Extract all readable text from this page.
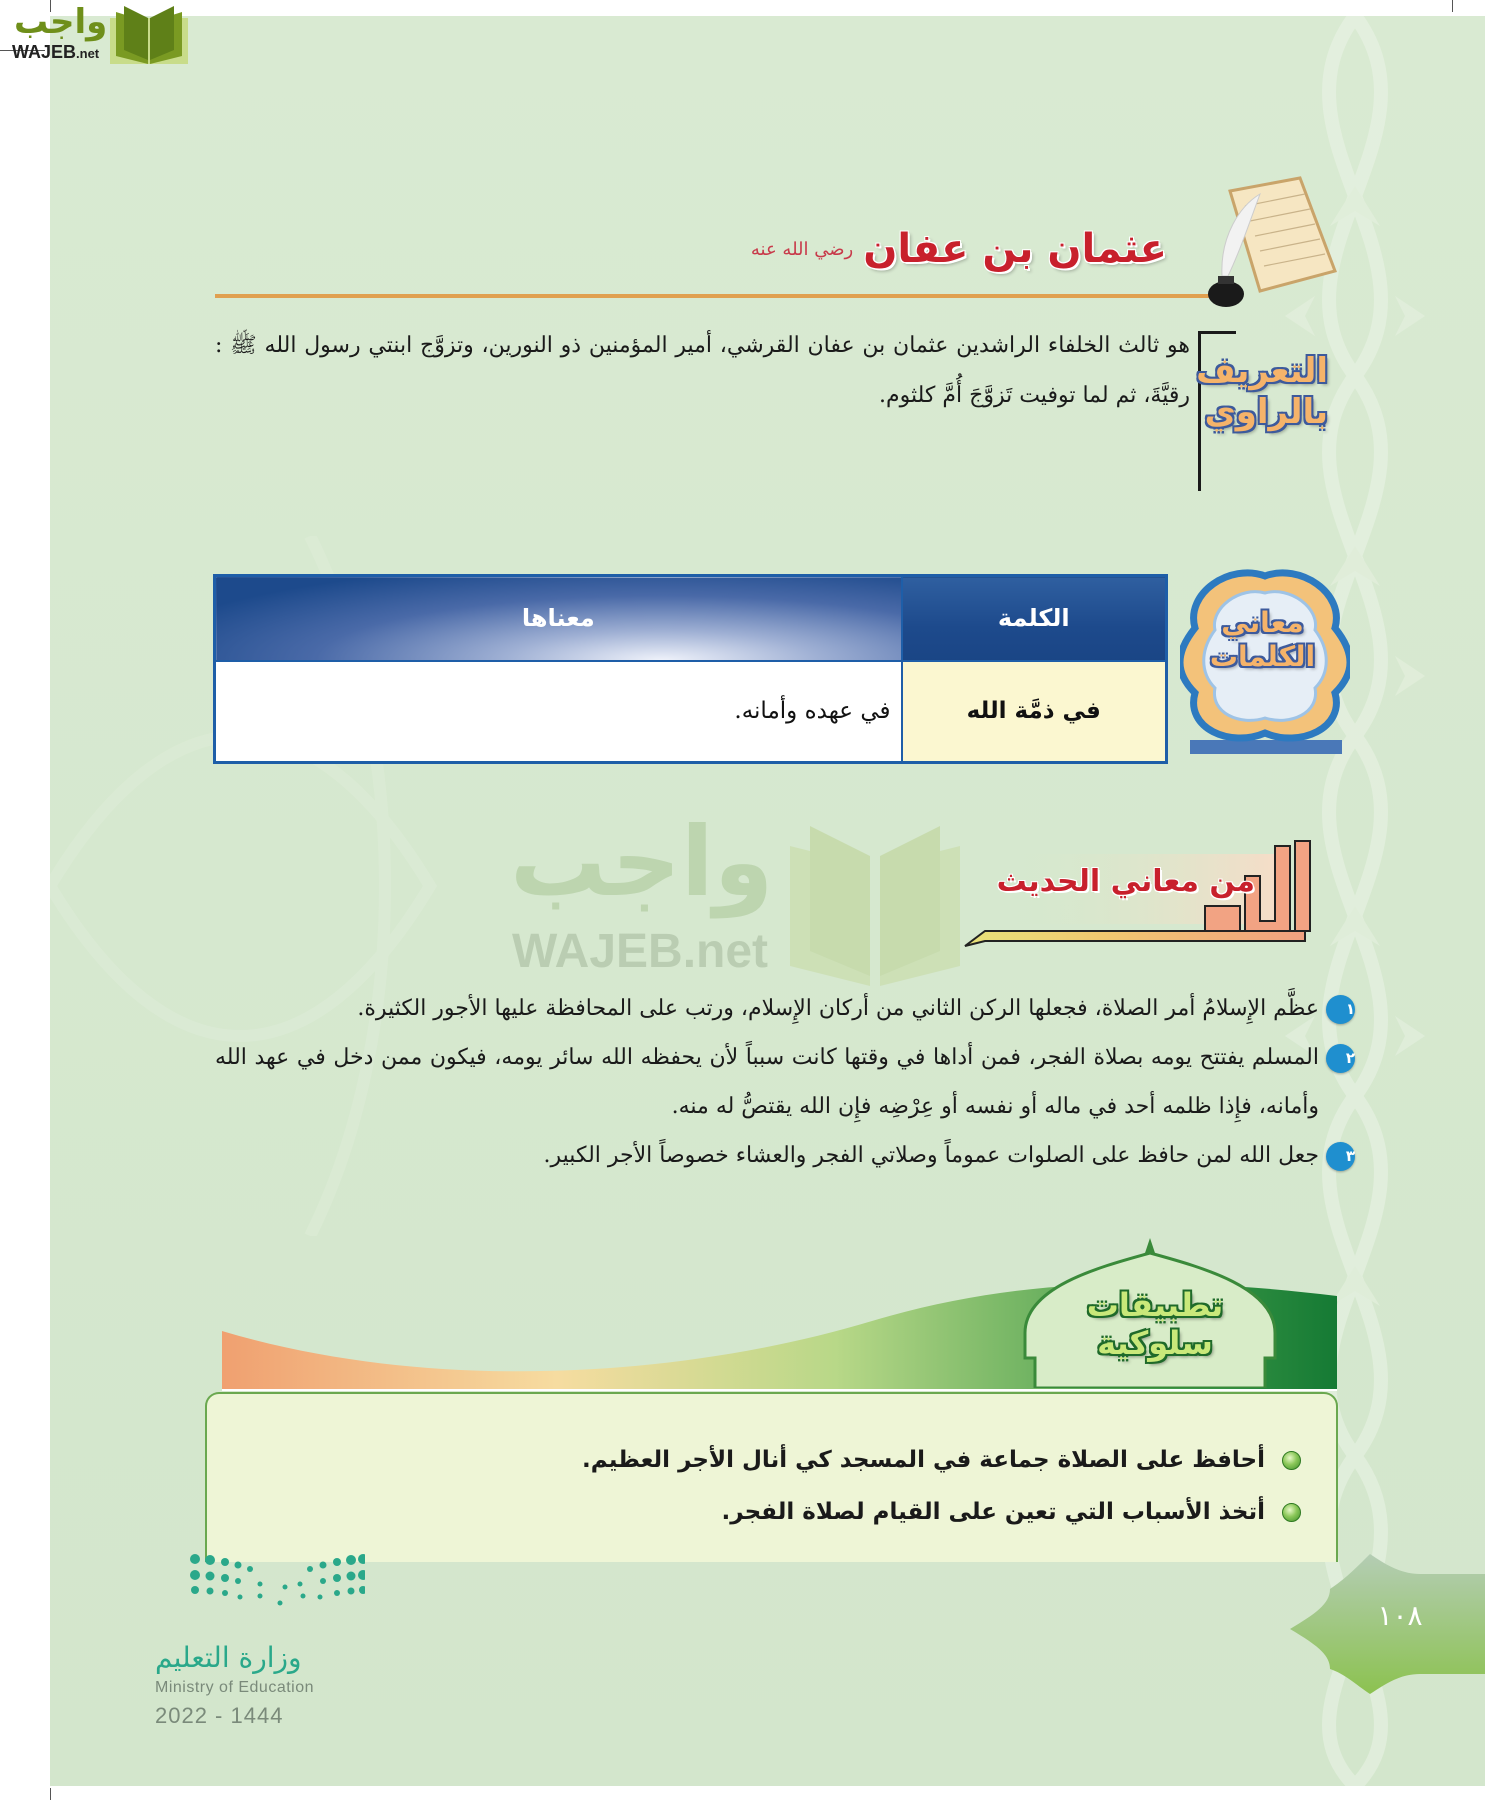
عثمان بن عفان
رضي الله عنه
التعريف
بالراوي
هو ثالث الخلفاء الراشدين عثمان بن عفان القرشي، أمير المؤمنين ذو النورين، وتزوَّج ابنتي رسول الله ﷺ : رقيَّةَ، ثم لما توفيت تَزوَّجَ أُمَّ كلثوم.
معاني
الكلمات
الكلمة	معناها
في ذمَّة الله	في عهده وأمانه.
واجب
WAJEB.net
من معاني الحديث
١
عظَّم الإِسلامُ أمر الصلاة، فجعلها الركن الثاني من أركان الإِسلام، ورتب على المحافظة عليها الأجور الكثيرة.
٢
المسلم يفتتح يومه بصلاة الفجر، فمن أداها في وقتها كانت سبباً لأن يحفظه الله سائر يومه، فيكون ممن دخل في عهد الله وأمانه، فإِذا ظلمه أحد في ماله أو نفسه أو عِرْضِه فإِن الله يقتصُّ له منه.
٣
جعل الله لمن حافظ على الصلوات عموماً وصلاتي الفجر والعشاء خصوصاً الأجر الكبير.
تطبيقات سلوكية
أحافظ على الصلاة جماعة في المسجد كي أنال الأجر العظيم.
أتخذ الأسباب التي تعين على القيام لصلاة الفجر.
وزارة التعليم
Ministry of Education
2022 - 1444
١٠٨
واجب
WAJEB.net
